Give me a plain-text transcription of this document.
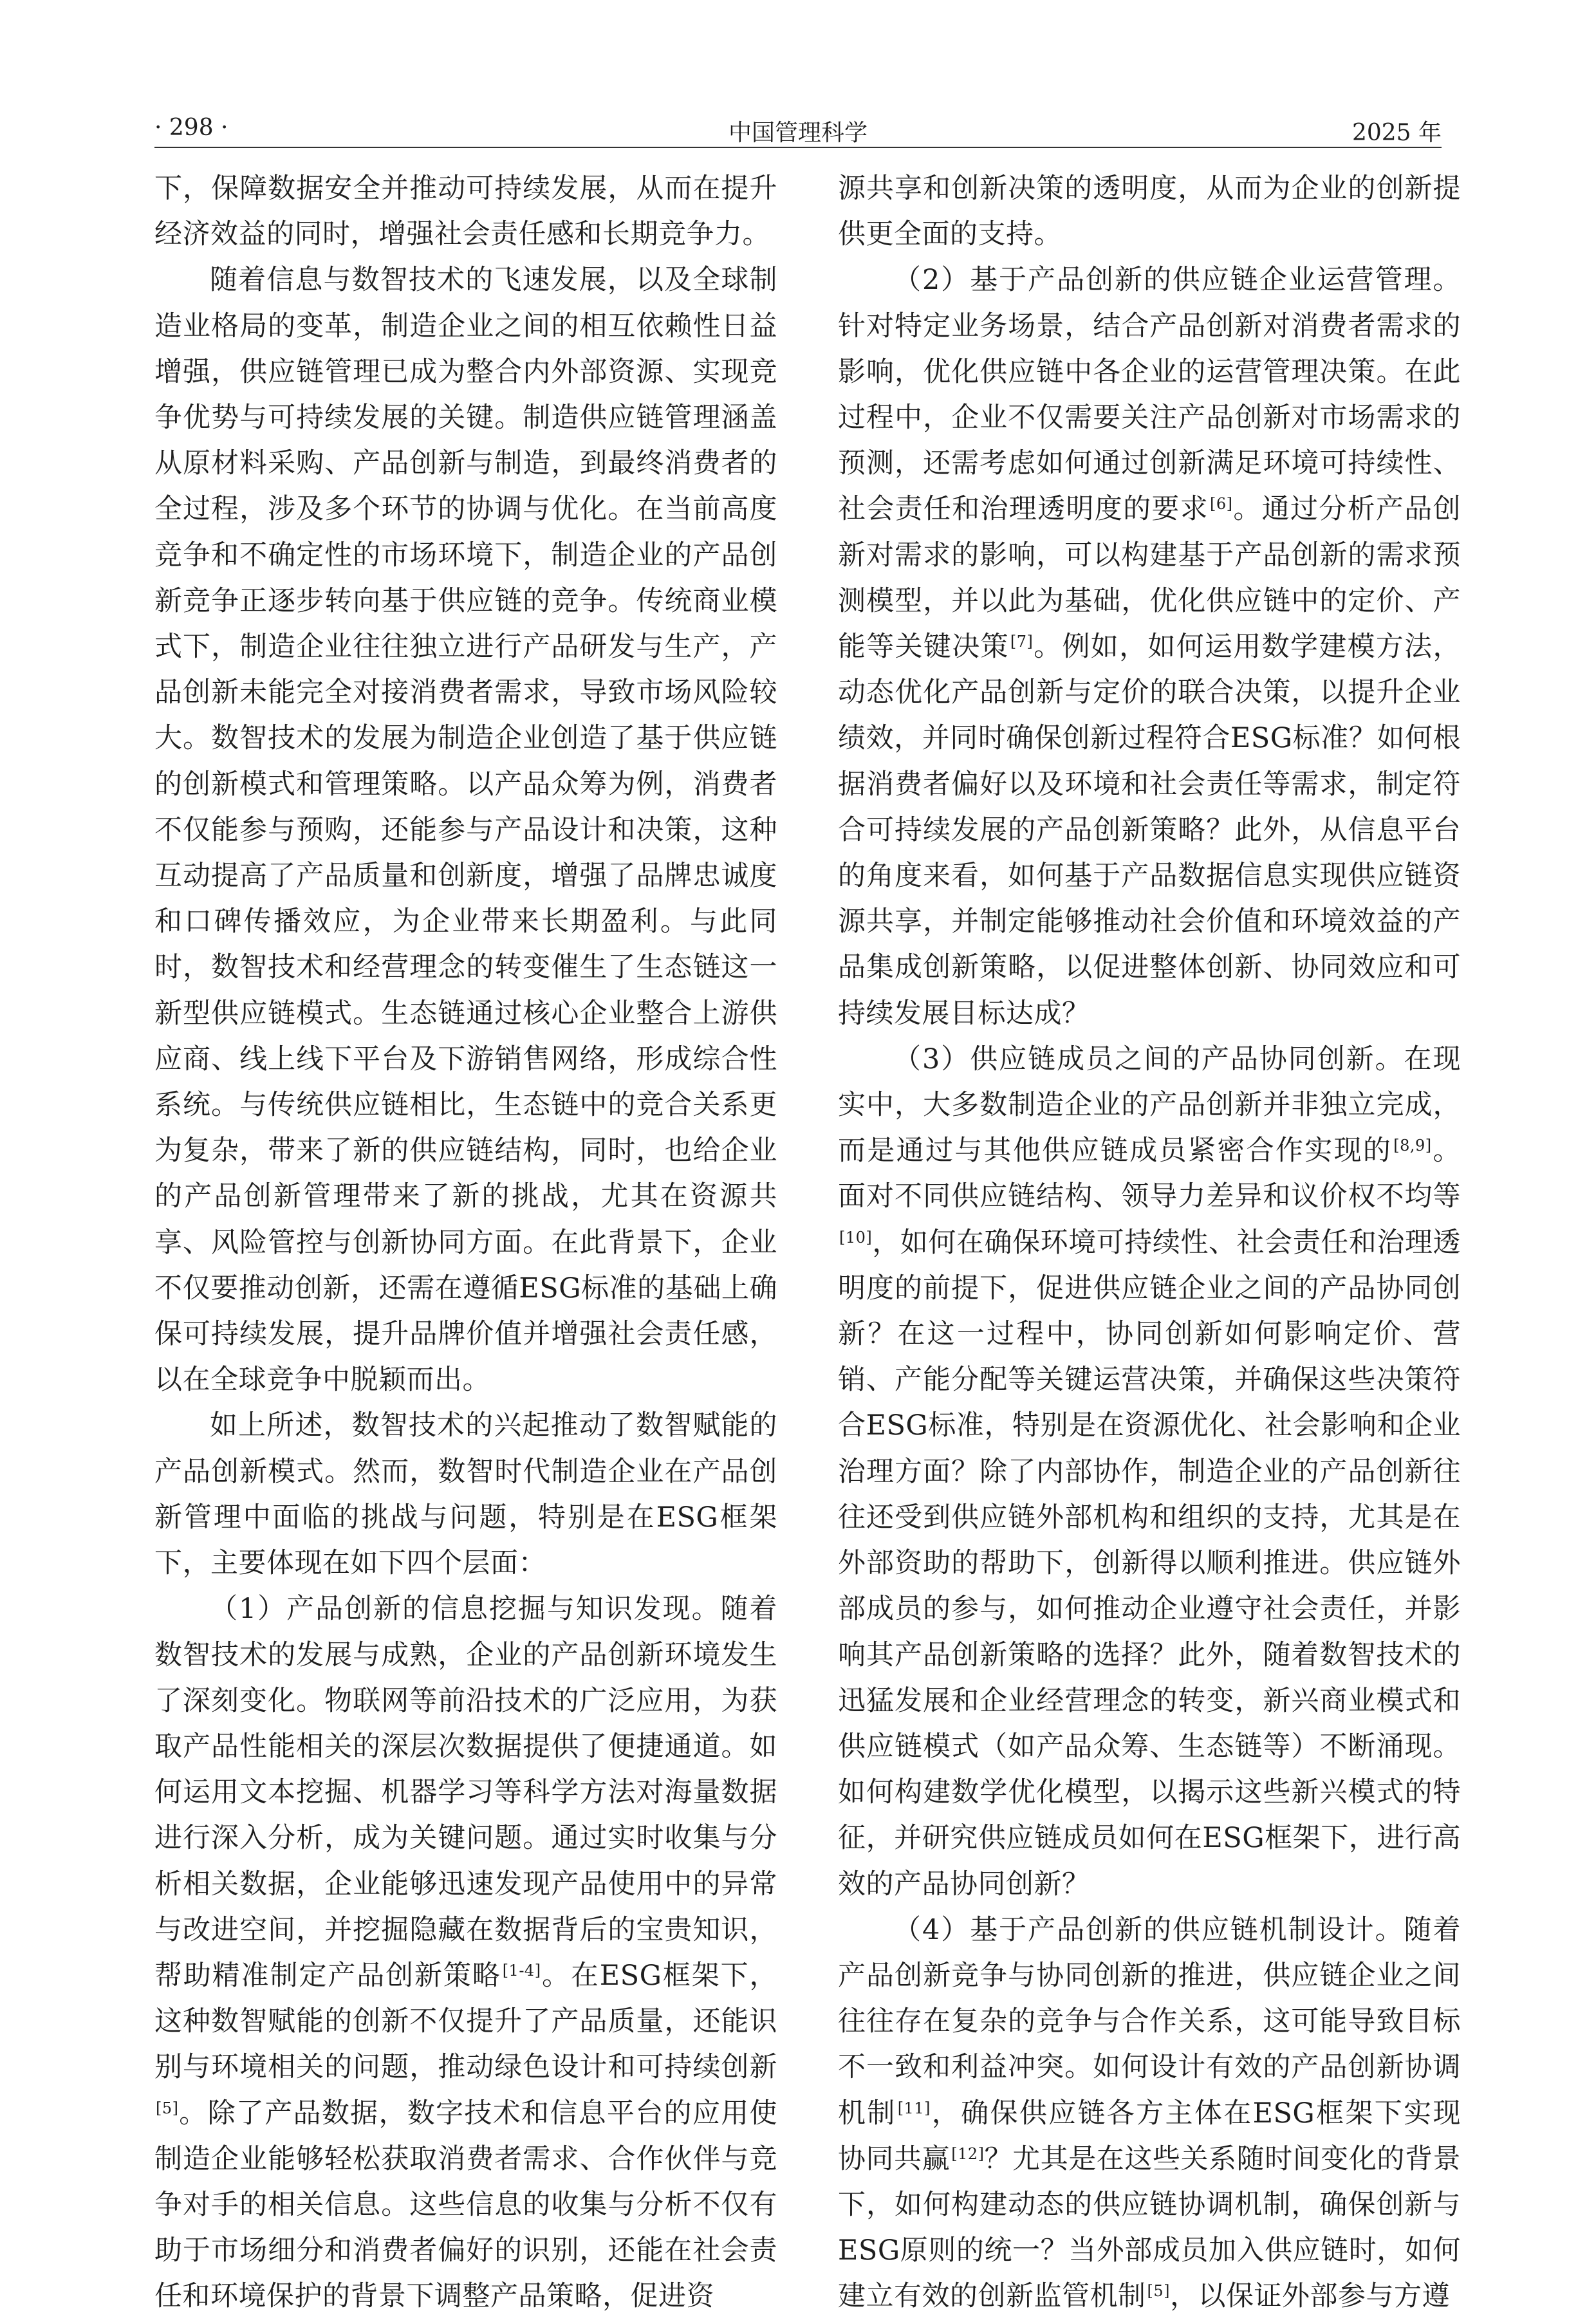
· 298 ·	中国管理科学	2025 年

下，保障数据安全并推动可持续发展，从而在提升经济效益的同时，增强社会责任感和长期竞争力。

随着信息与数智技术的飞速发展，以及全球制造业格局的变革，制造企业之间的相互依赖性日益增强，供应链管理已成为整合内外部资源、实现竞争优势与可持续发展的关键。制造供应链管理涵盖从原材料采购、产品创新与制造，到最终消费者的全过程，涉及多个环节的协调与优化。在当前高度竞争和不确定性的市场环境下，制造企业的产品创新竞争正逐步转向基于供应链的竞争。传统商业模式下，制造企业往往独立进行产品研发与生产，产品创新未能完全对接消费者需求，导致市场风险较大。数智技术的发展为制造企业创造了基于供应链的创新模式和管理策略。以产品众筹为例，消费者不仅能参与预购，还能参与产品设计和决策，这种互动提高了产品质量和创新度，增强了品牌忠诚度和口碑传播效应，为企业带来长期盈利。与此同时，数智技术和经营理念的转变催生了生态链这一新型供应链模式。生态链通过核心企业整合上游供应商、线上线下平台及下游销售网络，形成综合性系统。与传统供应链相比，生态链中的竞合关系更为复杂，带来了新的供应链结构，同时，也给企业的产品创新管理带来了新的挑战，尤其在资源共享、风险管控与创新协同方面。在此背景下，企业不仅要推动创新，还需在遵循ESG标准的基础上确保可持续发展，提升品牌价值并增强社会责任感，以在全球竞争中脱颖而出。

如上所述，数智技术的兴起推动了数智赋能的产品创新模式。然而，数智时代制造企业在产品创新管理中面临的挑战与问题，特别是在ESG框架下，主要体现在如下四个层面：

（1）产品创新的信息挖掘与知识发现。随着数智技术的发展与成熟，企业的产品创新环境发生了深刻变化。物联网等前沿技术的广泛应用，为获取产品性能相关的深层次数据提供了便捷通道。如何运用文本挖掘、机器学习等科学方法对海量数据进行深入分析，成为关键问题。通过实时收集与分析相关数据，企业能够迅速发现产品使用中的异常与改进空间，并挖掘隐藏在数据背后的宝贵知识，帮助精准制定产品创新策略[1-4]。在ESG框架下，这种数智赋能的创新不仅提升了产品质量，还能识别与环境相关的问题，推动绿色设计和可持续创新[5]。除了产品数据，数字技术和信息平台的应用使制造企业能够轻松获取消费者需求、合作伙伴与竞争对手的相关信息。这些信息的收集与分析不仅有助于市场细分和消费者偏好的识别，还能在社会责任和环境保护的背景下调整产品策略，促进资

源共享和创新决策的透明度，从而为企业的创新提供更全面的支持。

（2）基于产品创新的供应链企业运营管理。针对特定业务场景，结合产品创新对消费者需求的影响，优化供应链中各企业的运营管理决策。在此过程中，企业不仅需要关注产品创新对市场需求的预测，还需考虑如何通过创新满足环境可持续性、社会责任和治理透明度的要求[6]。通过分析产品创新对需求的影响，可以构建基于产品创新的需求预测模型，并以此为基础，优化供应链中的定价、产能等关键决策[7]。例如，如何运用数学建模方法，动态优化产品创新与定价的联合决策，以提升企业绩效，并同时确保创新过程符合ESG标准？如何根据消费者偏好以及环境和社会责任等需求，制定符合可持续发展的产品创新策略？此外，从信息平台的角度来看，如何基于产品数据信息实现供应链资源共享，并制定能够推动社会价值和环境效益的产品集成创新策略，以促进整体创新、协同效应和可持续发展目标达成？

（3）供应链成员之间的产品协同创新。在现实中，大多数制造企业的产品创新并非独立完成，而是通过与其他供应链成员紧密合作实现的[8,9]。面对不同供应链结构、领导力差异和议价权不均等[10]，如何在确保环境可持续性、社会责任和治理透明度的前提下，促进供应链企业之间的产品协同创新？在这一过程中，协同创新如何影响定价、营销、产能分配等关键运营决策，并确保这些决策符合ESG标准，特别是在资源优化、社会影响和企业治理方面？除了内部协作，制造企业的产品创新往往还受到供应链外部机构和组织的支持，尤其是在外部资助的帮助下，创新得以顺利推进。供应链外部成员的参与，如何推动企业遵守社会责任，并影响其产品创新策略的选择？此外，随着数智技术的迅猛发展和企业经营理念的转变，新兴商业模式和供应链模式（如产品众筹、生态链等）不断涌现。如何构建数学优化模型，以揭示这些新兴模式的特征，并研究供应链成员如何在ESG框架下，进行高效的产品协同创新？

（4）基于产品创新的供应链机制设计。随着产品创新竞争与协同创新的推进，供应链企业之间往往存在复杂的竞争与合作关系，这可能导致目标不一致和利益冲突。如何设计有效的产品创新协调机制[11]，确保供应链各方主体在ESG框架下实现协同共赢[12]？尤其是在这些关系随时间变化的背景下，如何构建动态的供应链协调机制，确保创新与ESG原则的统一？当外部成员加入供应链时，如何建立有效的创新监管机制[5]，以保证外部参与方遵
